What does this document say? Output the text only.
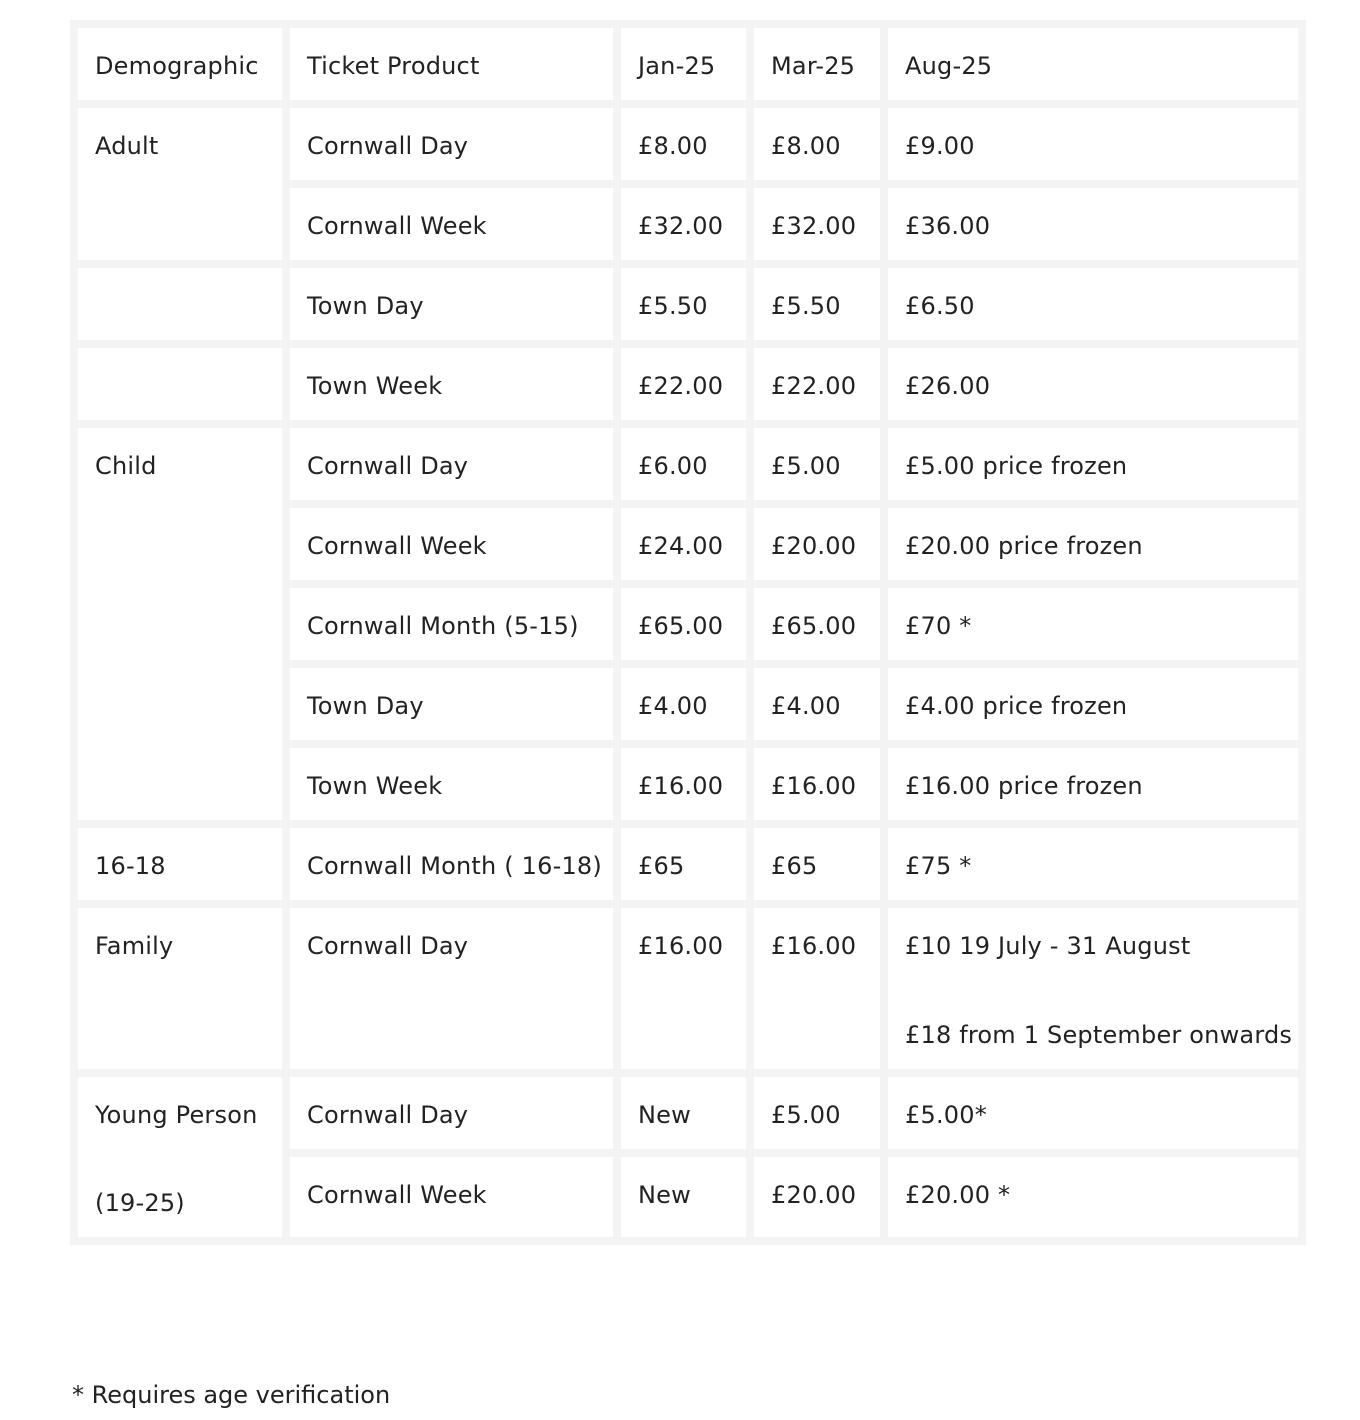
Demographic	Ticket Product	Jan-25	Mar-25	Aug-25
Adult	Cornwall Day	£8.00	£8.00	£9.00
	Cornwall Week	£32.00	£32.00	£36.00
	Town Day	£5.50	£5.50	£6.50
	Town Week	£22.00	£22.00	£26.00
Child	Cornwall Day	£6.00	£5.00	£5.00 price frozen
	Cornwall Week	£24.00	£20.00	£20.00 price frozen
	Cornwall Month (5-15)	£65.00	£65.00	£70 *
	Town Day	£4.00	£4.00	£4.00 price frozen
	Town Week	£16.00	£16.00	£16.00 price frozen
16-18	Cornwall Month ( 16-18)	£65	£65	£75 *
Family	Cornwall Day	£16.00	£16.00	£10 19 July - 31 August
£18 from 1 September onwards

Young Person
(19-25)	Cornwall Day	New	£5.00	£5.00*
	Cornwall Week	New	£20.00	£20.00 *
* Requires age verification
